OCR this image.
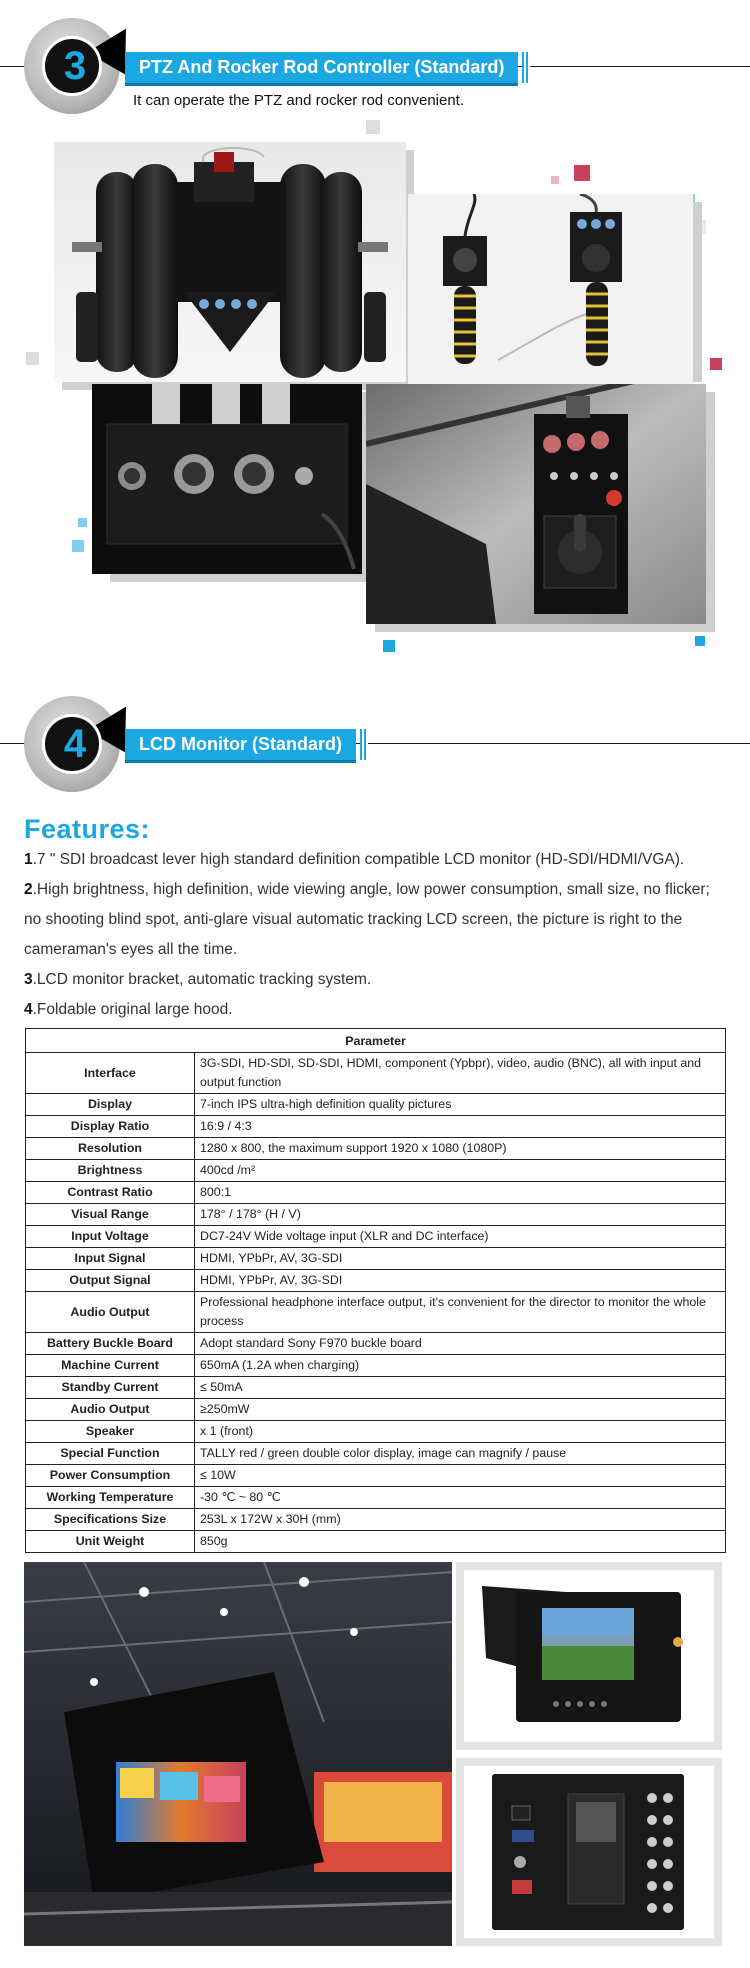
3	PTZ And Rocker Rod Controller (Standard)
It can operate the PTZ and rocker rod convenient.
4	LCD Monitor (Standard)
Features:
1.7 " SDI broadcast lever high standard definition compatible LCD monitor (HD-SDI/HDMI/VGA).
2.High brightness, high definition, wide viewing angle, low power consumption, small size, no flicker; no shooting blind spot, anti-glare visual automatic tracking LCD screen, the picture is right to the cameraman's eyes all the time.
3.LCD monitor bracket, automatic tracking system.
4.Foldable original large hood.
Parameter	
Interface	3G-SDI, HD-SDI, SD-SDI, HDMI, component (Ypbpr), video, audio (BNC), all with input and output function
Display	7-inch IPS ultra-high definition quality pictures
Display Ratio	16:9 / 4:3
Resolution	1280 x 800, the maximum support 1920 x 1080 (1080P)
Brightness	400cd /m²
Contrast Ratio	800:1
Visual Range	178° / 178° (H / V)
Input Voltage	DC7-24V Wide voltage input (XLR and DC interface)
Input Signal	HDMI, YPbPr, AV, 3G-SDI
Output Signal	HDMI, YPbPr, AV, 3G-SDI
Audio Output	Professional headphone interface output, it's convenient for the director to monitor the whole process
Battery Buckle Board	Adopt standard Sony F970 buckle board
Machine Current	650mA (1.2A when charging)
Standby Current	≤ 50mA
Audio Output	≥250mW
Speaker	x 1 (front)
Special Function	TALLY red / green double color display, image can magnify / pause
Power Consumption	≤ 10W
Working Temperature	-30 ℃ ~ 80 ℃
Specifications Size	253L x 172W x 30H (mm)
Unit Weight	850g
